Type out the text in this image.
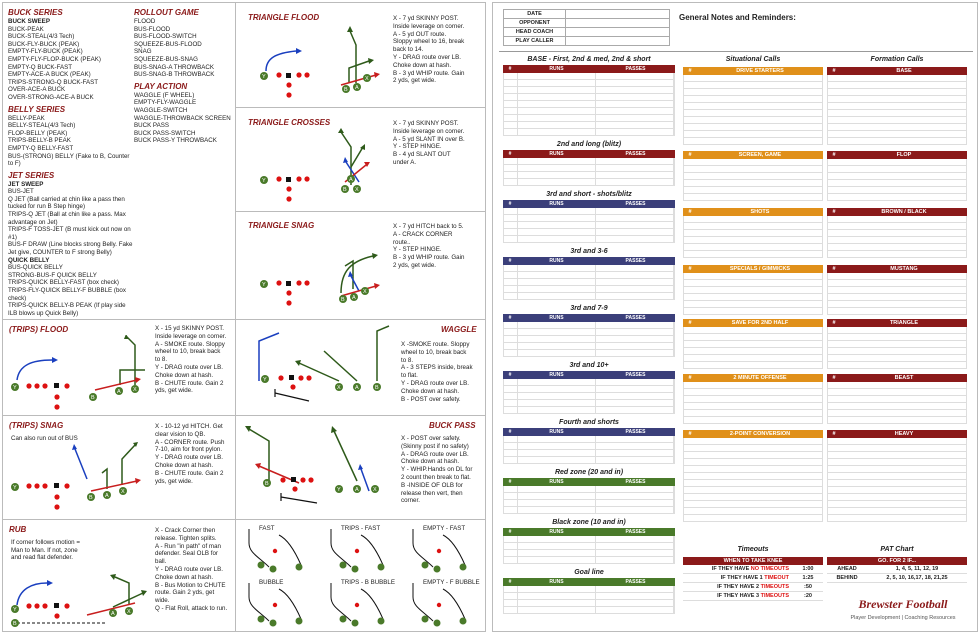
BUCK SERIES
BUCK SWEEP
BUCK-PEAK
BUCK-STEAL(4/3 Tech)
BUCK-FLY-BUCK (PEAK)
EMPTY-FLY-BUCK (PEAK)
EMPTY-FLY-FLOP-BUCK (PEAK)
EMPTY-Q BUCK-FAST
EMPTY-ACE-A BUCK (PEAK)
TRIPS-STRONG-Q BUCK-FAST
OVER-ACE-A BUCK
OVER-STRONG-ACE-A BUCK
BELLY SERIES
BELLY-PEAK
BELLY-STEAL(4/3 Tech)
FLOP-BELLY (PEAK)
TRIPS-BELLY-B PEAK
EMPTY-Q BELLY-FAST
BUS-(STRONG) BELLY (Fake to B, Counter to F)
JET SERIES
JET SWEEP
BUS-JET
Q JET (Ball carried at chin like a pass then tucked for run B Step hinge)
TRIPS-Q JET (Ball at chin like a pass. Max advantage on Jet)
TRIPS-F TOSS-JET (B must kick out now on #1)
BUS-F DRAW (Line blocks strong Belly. Fake Jet give, COUNTER to F strong Belly)
QUICK BELLY
BUS-QUICK BELLY
STRONG-BUS-F QUICK BELLY
TRIPS-QUICK BELLY-FAST (box check)
TRIPS-FLY-QUICK BELLY-F BUBBLE (box check)
TRIPS-QUICK BELLY-B PEAK (If play side ILB blows up Quick Belly)
ROLLOUT GAME
FLOOD
BUS-FLOOD
BUS-FLOOD-SWITCH
SQUEEZE-BUS-FLOOD
SNAG
SQUEEZE-BUS-SNAG
BUS-SNAG-A THROWBACK
BUS-SNAG-B THROWBACK
PLAY ACTION
WAGGLE (F WHEEL)
EMPTY-FLY-WAGGLE
WAGGLE-SWITCH
WAGGLE-THROWBACK SCREEN
BUCK PASS
BUCK PASS-SWITCH
BUCK PASS-Y THROWBACK
TRIANGLE FLOOD	X - 7 yd SKINNY POST.
Inside leverage on corner.
A - 5 yd OUT route.
Sloppy wheel to 16, break
back to 14.
Y - DRAG route over LB.
Choke down at hash.
B - 3 yd WHIP route. Gain
2 yds, get wide.
Y
B A
X
TRIANGLE CROSSES	X - 7 yd SKINNY POST.
Inside leverage on corner.
A - 5 yd SLANT IN over B.
Y - STEP HINGE.
B - 4 yd SLANT OUT
under A.
Y
B X
A
TRIANGLE SNAG	X - 7 yd HITCH back to 5.
A - CRACK CORNER
route..
Y - STEP HINGE.
B - 3 yd WHIP route. Gain
2 yds, get wide.
Y
B A
X
(TRIPS) FLOOD	X - 15 yd SKINNY POST.
Inside leverage on corner.
A - SMOKE route. Sloppy
wheel to 10, break back
to 8.
Y - DRAG route over LB.
Choke down at hash.
B - CHUTE route. Gain 2
yds, get wide.
Y
B
A X
WAGGLE
X -SMOKE route. Sloppy
wheel to 10, break back
to 8.
A - 3 STEPS inside, break
to flat.
Y - DRAG route over LB.
Choke down at hash.
B - POST over safety.
Y
X	A	B
(TRIPS) SNAG
Can also run out of BUS
X - 10-12 yd HITCH. Get
clear vision to QB.
A - CORNER route. Push
7-10, aim for front pylon.
Y - DRAG route over LB.
Choke down at hash.
B - CHUTE route. Gain 2
yds, get wide.
Y
B A
X
BUCK PASS
X - POST over safety.
(Skinny post if no safety)
A - DRAG route over LB.
Choke down at hash.
Y - WHIP.Hands on DL for
2 count then break to flat.
B -INSIDE OF OLB for
release then vert, then
corner.
B
Y	A	X
RUB
If corner follows motion =
Man to Man. If not, zone
and read flat defender.
X - Crack Corner then
release. Tighten splits.
A - Run "in path" of man
defender. Seal OLB for
ball.
Y - DRAG route over LB.
Choke down at hash.
B - Bus Motion to CHUTE
route. Gain 2 yds, get
wide.
Q - Flat Roll, attack to run.
Y
B
A X
FAST	TRIPS - FAST	EMPTY - FAST
BUBBLE	TRIPS - B BUBBLE	EMPTY - F BUBBLE
DATE	
OPPONENT	
HEAD COACH	
PLAY CALLER	
General Notes and Reminders:
BASE - First, 2nd & med, 2nd & short
#	RUNS	PASSES
2nd and long (blitz)
#	RUNS	PASSES
3rd and short - shots/blitz
#	RUNS	PASSES
3rd and 3-6
#	RUNS	PASSES
3rd and 7-9
#	RUNS	PASSES
3rd and 10+
#	RUNS	PASSES
Fourth and shorts
#	RUNS	PASSES
Red zone (20 and in)
#	RUNS	PASSES
Black zone (10 and in)
#	RUNS	PASSES
Goal line
#	RUNS	PASSES
Situational Calls
#	DRIVE STARTERS
#	SCREEN, GAME
#	SHOTS
#	SPECIALS / GIMMICKS
#	SAVE FOR 2ND HALF
#	2 MINUTE OFFENSE
#	2-POINT CONVERSION
Formation Calls
#	BASE
#	FLOP
#	BROWN / BLACK
#	MUSTANG
#	TRIANGLE
#	BEAST
#	HEAVY
Timeouts
WHEN TO TAKE KNEE
IF THEY HAVE NO TIMEOUTS	1:00
IF THEY HAVE 1 TIMEOUT	1:25
IF THEY HAVE 2 TIMEOUTS	:50
IF THEY HAVE 3 TIMEOUTS	:20
PAT Chart
GO. FOR 2 IF...
AHEAD	1, 4, 5, 11, 12, 19
BEHIND	2, 5, 10, 16,17, 18, 21,25
Brewster Football
Player Development | Coaching Resources
